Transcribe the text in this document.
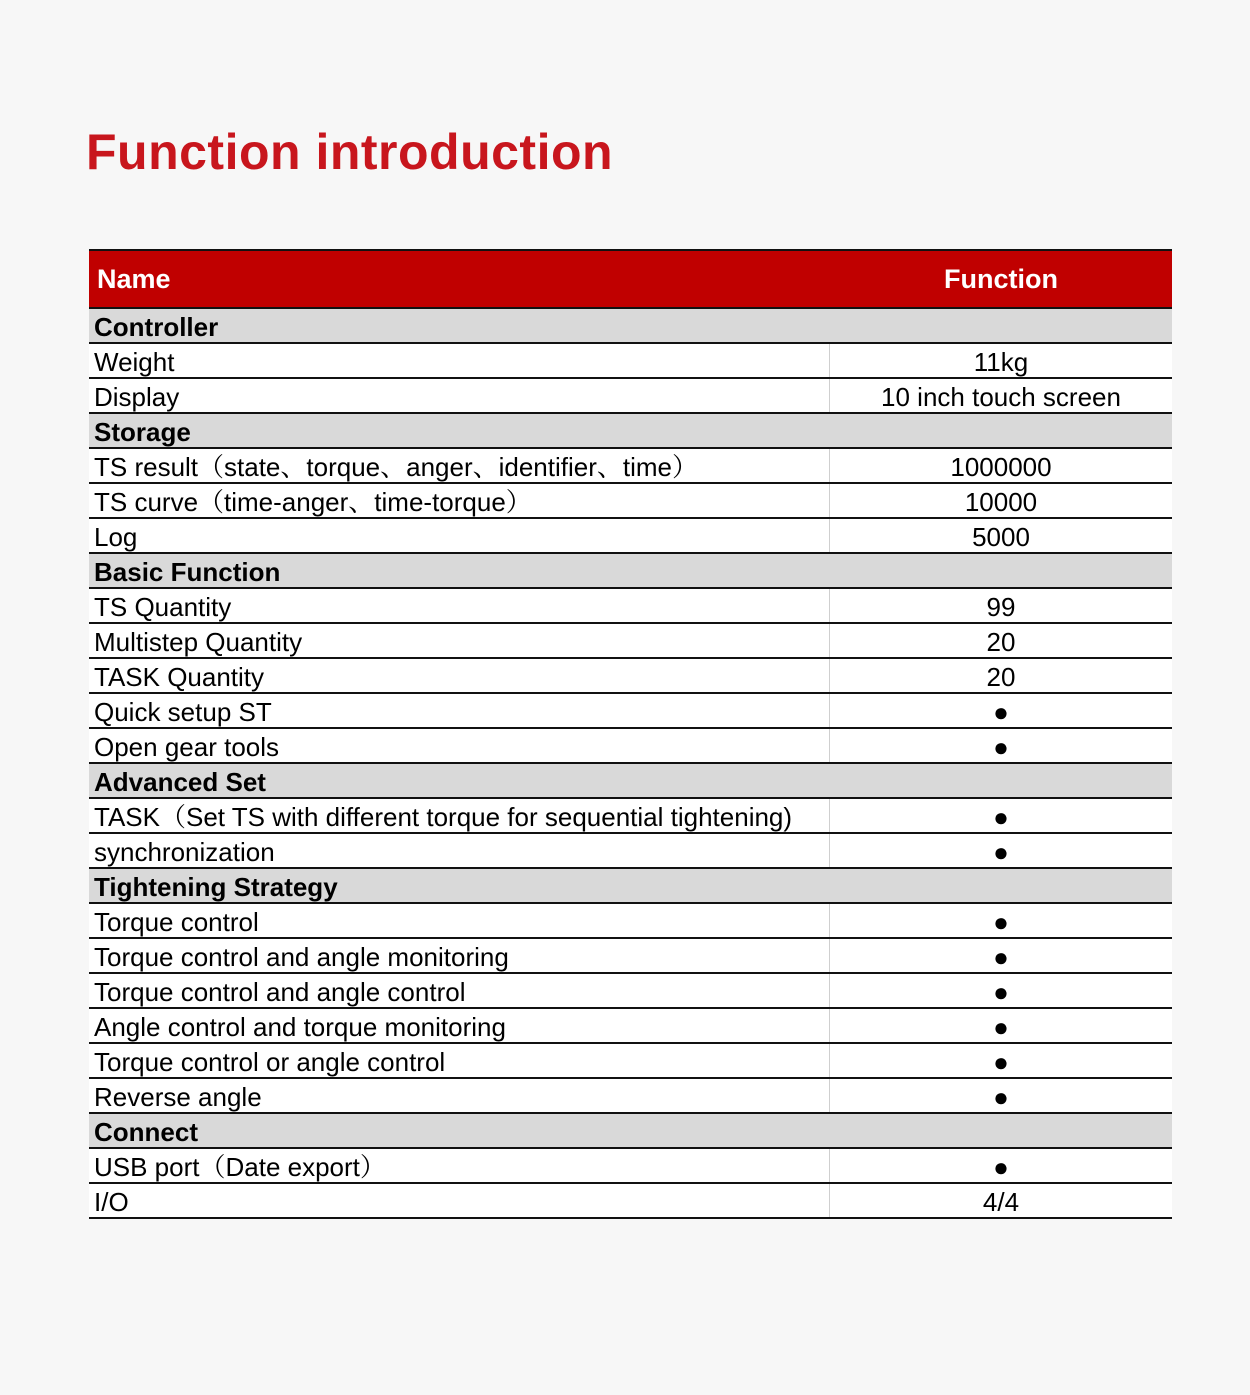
Function introduction
Name	Function
Controller
Weight	11kg
Display	10 inch touch screen
Storage
TS result（state、torque、anger、identifier、time）	1000000
TS curve（time-anger、time-torque）	10000
Log	5000
Basic Function
TS Quantity	99
Multistep Quantity	20
TASK Quantity	20
Quick setup ST	●
Open gear tools	●
Advanced Set
TASK（Set TS with different torque for sequential tightening)	●
synchronization	●
Tightening Strategy
Torque control	●
Torque control and angle monitoring	●
Torque control and angle control	●
Angle control and torque monitoring	●
Torque control or angle control	●
Reverse angle	●
Connect
USB port（Date export）	●
I/O	4/4
